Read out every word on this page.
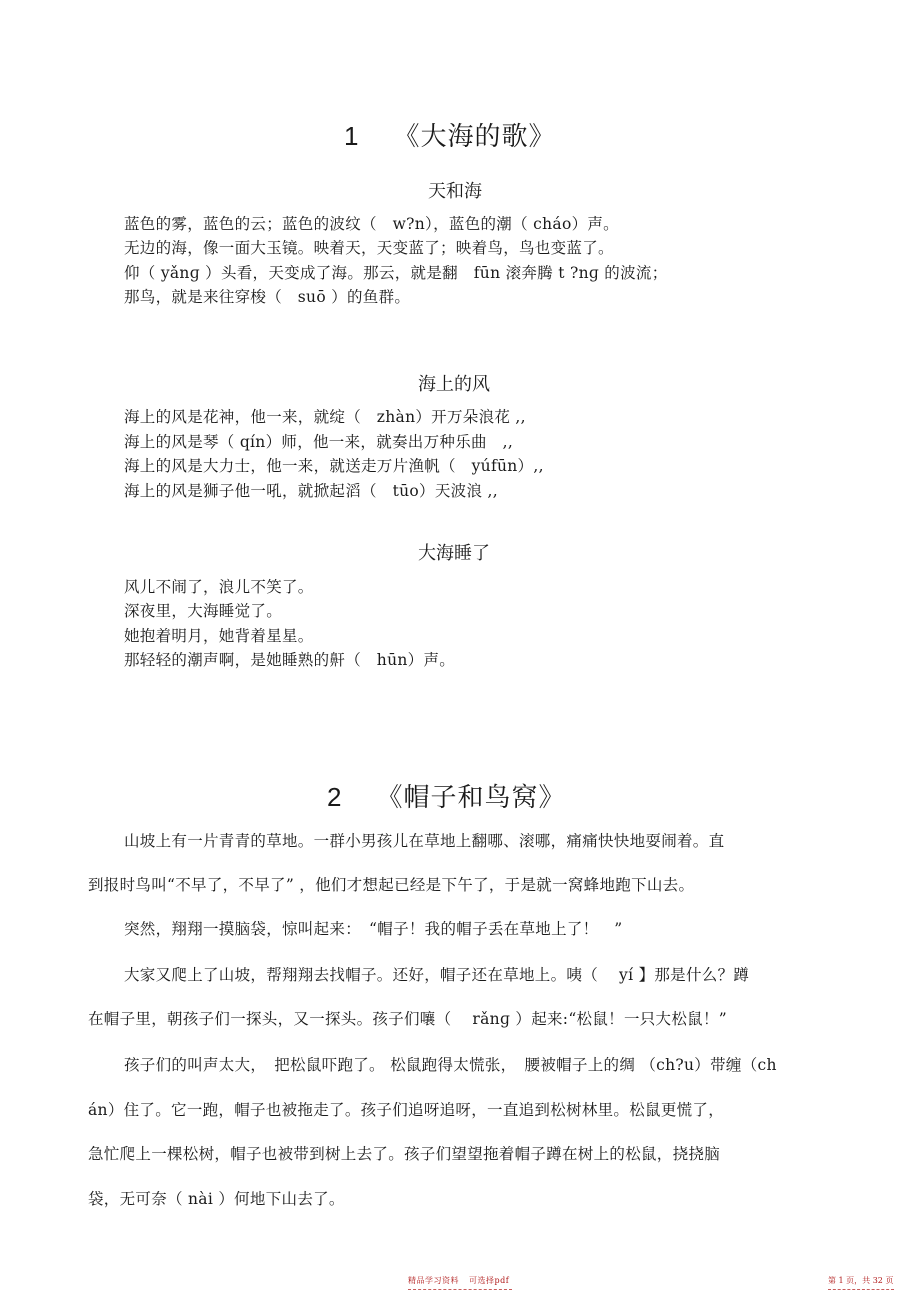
1 《大海的歌》
天和海
蓝色的雾，蓝色的云；蓝色的波纹（　w?n），蓝色的潮（ cháo）声。
无边的海，像一面大玉镜。映着天，天变蓝了；映着鸟，鸟也变蓝了。
仰（ yǎnɡ ）头看，天变成了海。那云，就是翻　fūn 滚奔腾 t ?nɡ 的波流；
那鸟，就是来往穿梭（　suō ）的鱼群。
海上的风
海上的风是花神，他一来，就绽（　zhàn）开万朵浪花 ,,
海上的风是琴（ qín）师，他一来，就奏出万种乐曲　,,
海上的风是大力士，他一来，就送走万片渔帆（　yúfūn）,,
海上的风是狮子他一吼，就掀起滔（　tūo）天波浪 ,,
大海睡了
风儿不闹了，浪儿不笑了。
深夜里，大海睡觉了。
她抱着明月，她背着星星。
那轻轻的潮声啊，是她睡熟的鼾（　hūn）声。
2 《帽子和鸟窝》
山坡上有一片青青的草地。一群小男孩儿在草地上翻哪、滚哪，痛痛快快地耍闹着。直
到报时鸟叫“不早了，不早了” ，他们才想起已经是下午了，于是就一窝蜂地跑下山去。
突然，翔翔一摸脑袋，惊叫起来：　“帽子！我的帽子丢在草地上了！　”
大家又爬上了山坡，帮翔翔去找帽子。还好，帽子还在草地上。咦（　 yí 】那是什么？蹲
在帽子里，朝孩子们一探头，又一探头。孩子们嚷（　 rǎnɡ ）起来:“松鼠！一只大松鼠！”
孩子们的叫声太大，　把松鼠吓跑了。 松鼠跑得太慌张，　腰被帽子上的绸 （ch?u）带缠（ch
án）住了。它一跑，帽子也被拖走了。孩子们追呀追呀，一直追到松树林里。松鼠更慌了，
急忙爬上一棵松树，帽子也被带到树上去了。孩子们望望拖着帽子蹲在树上的松鼠，挠挠脑
袋，无可奈（ nài ）何地下山去了。
精品学习资料 可选择pdf	第 1 页，共 32 页
